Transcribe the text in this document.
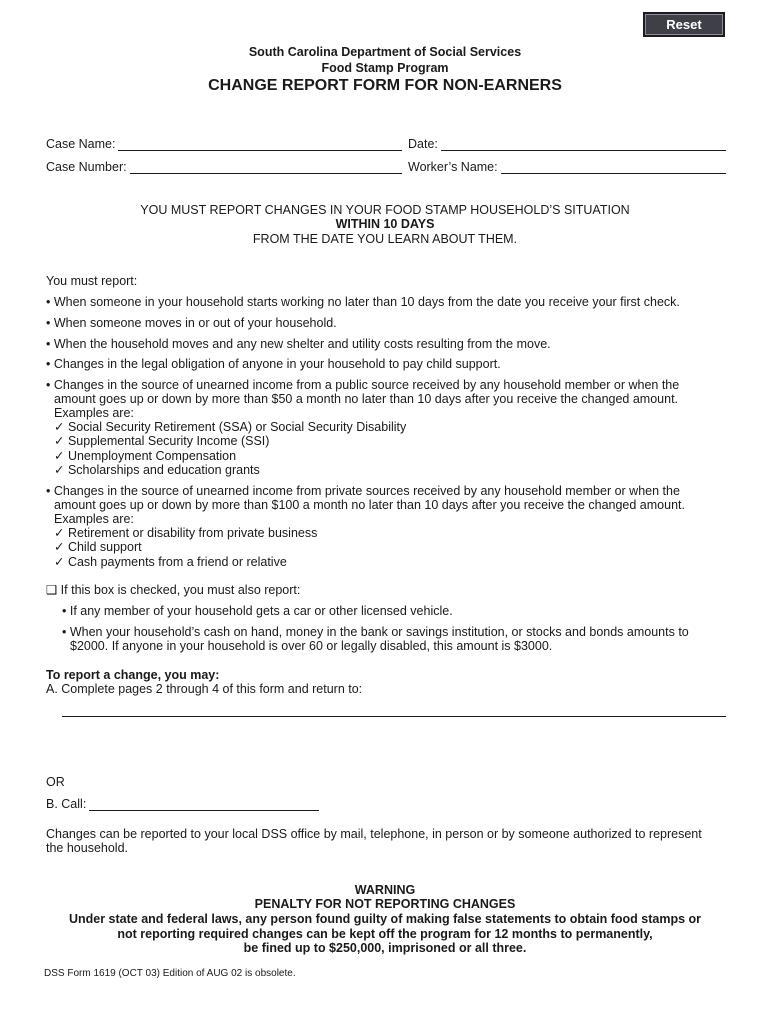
Reset
South Carolina Department of Social Services
Food Stamp Program
CHANGE REPORT FORM FOR NON-EARNERS
Case Name:	Date:
Case Number:	Worker’s Name:
YOU MUST REPORT CHANGES IN YOUR FOOD STAMP HOUSEHOLD’S SITUATION
WITHIN 10 DAYS
FROM THE DATE YOU LEARN ABOUT THEM.
You must report:
• When someone in your household starts working no later than 10 days from the date you receive your first check.
• When someone moves in or out of your household.
• When the household moves and any new shelter and utility costs resulting from the move.
• Changes in the legal obligation of anyone in your household to pay child support.
• Changes in the source of unearned income from a public source received by any household member or when the
amount goes up or down by more than $50 a month no later than 10 days after you receive the changed amount.
Examples are:
✓ Social Security Retirement (SSA) or Social Security Disability
✓ Supplemental Security Income (SSI)
✓ Unemployment Compensation
✓ Scholarships and education grants
• Changes in the source of unearned income from private sources received by any household member or when the
amount goes up or down by more than $100 a month no later than 10 days after you receive the changed amount.
Examples are:
✓ Retirement or disability from private business
✓ Child support
✓ Cash payments from a friend or relative
❑ If this box is checked, you must also report:
• If any member of your household gets a car or other licensed vehicle.
• When your household’s cash on hand, money in the bank or savings institution, or stocks and bonds amounts to
$2000. If anyone in your household is over 60 or legally disabled, this amount is $3000.
To report a change, you may:
A. Complete pages 2 through 4 of this form and return to:
OR
B. Call:
Changes can be reported to your local DSS office by mail, telephone, in person or by someone authorized to represent
the household.
WARNING
PENALTY FOR NOT REPORTING CHANGES
Under state and federal laws, any person found guilty of making false statements to obtain food stamps or
not reporting required changes can be kept off the program for 12 months to permanently,
be fined up to $250,000, imprisoned or all three.
DSS Form 1619 (OCT 03) Edition of AUG 02 is obsolete.
